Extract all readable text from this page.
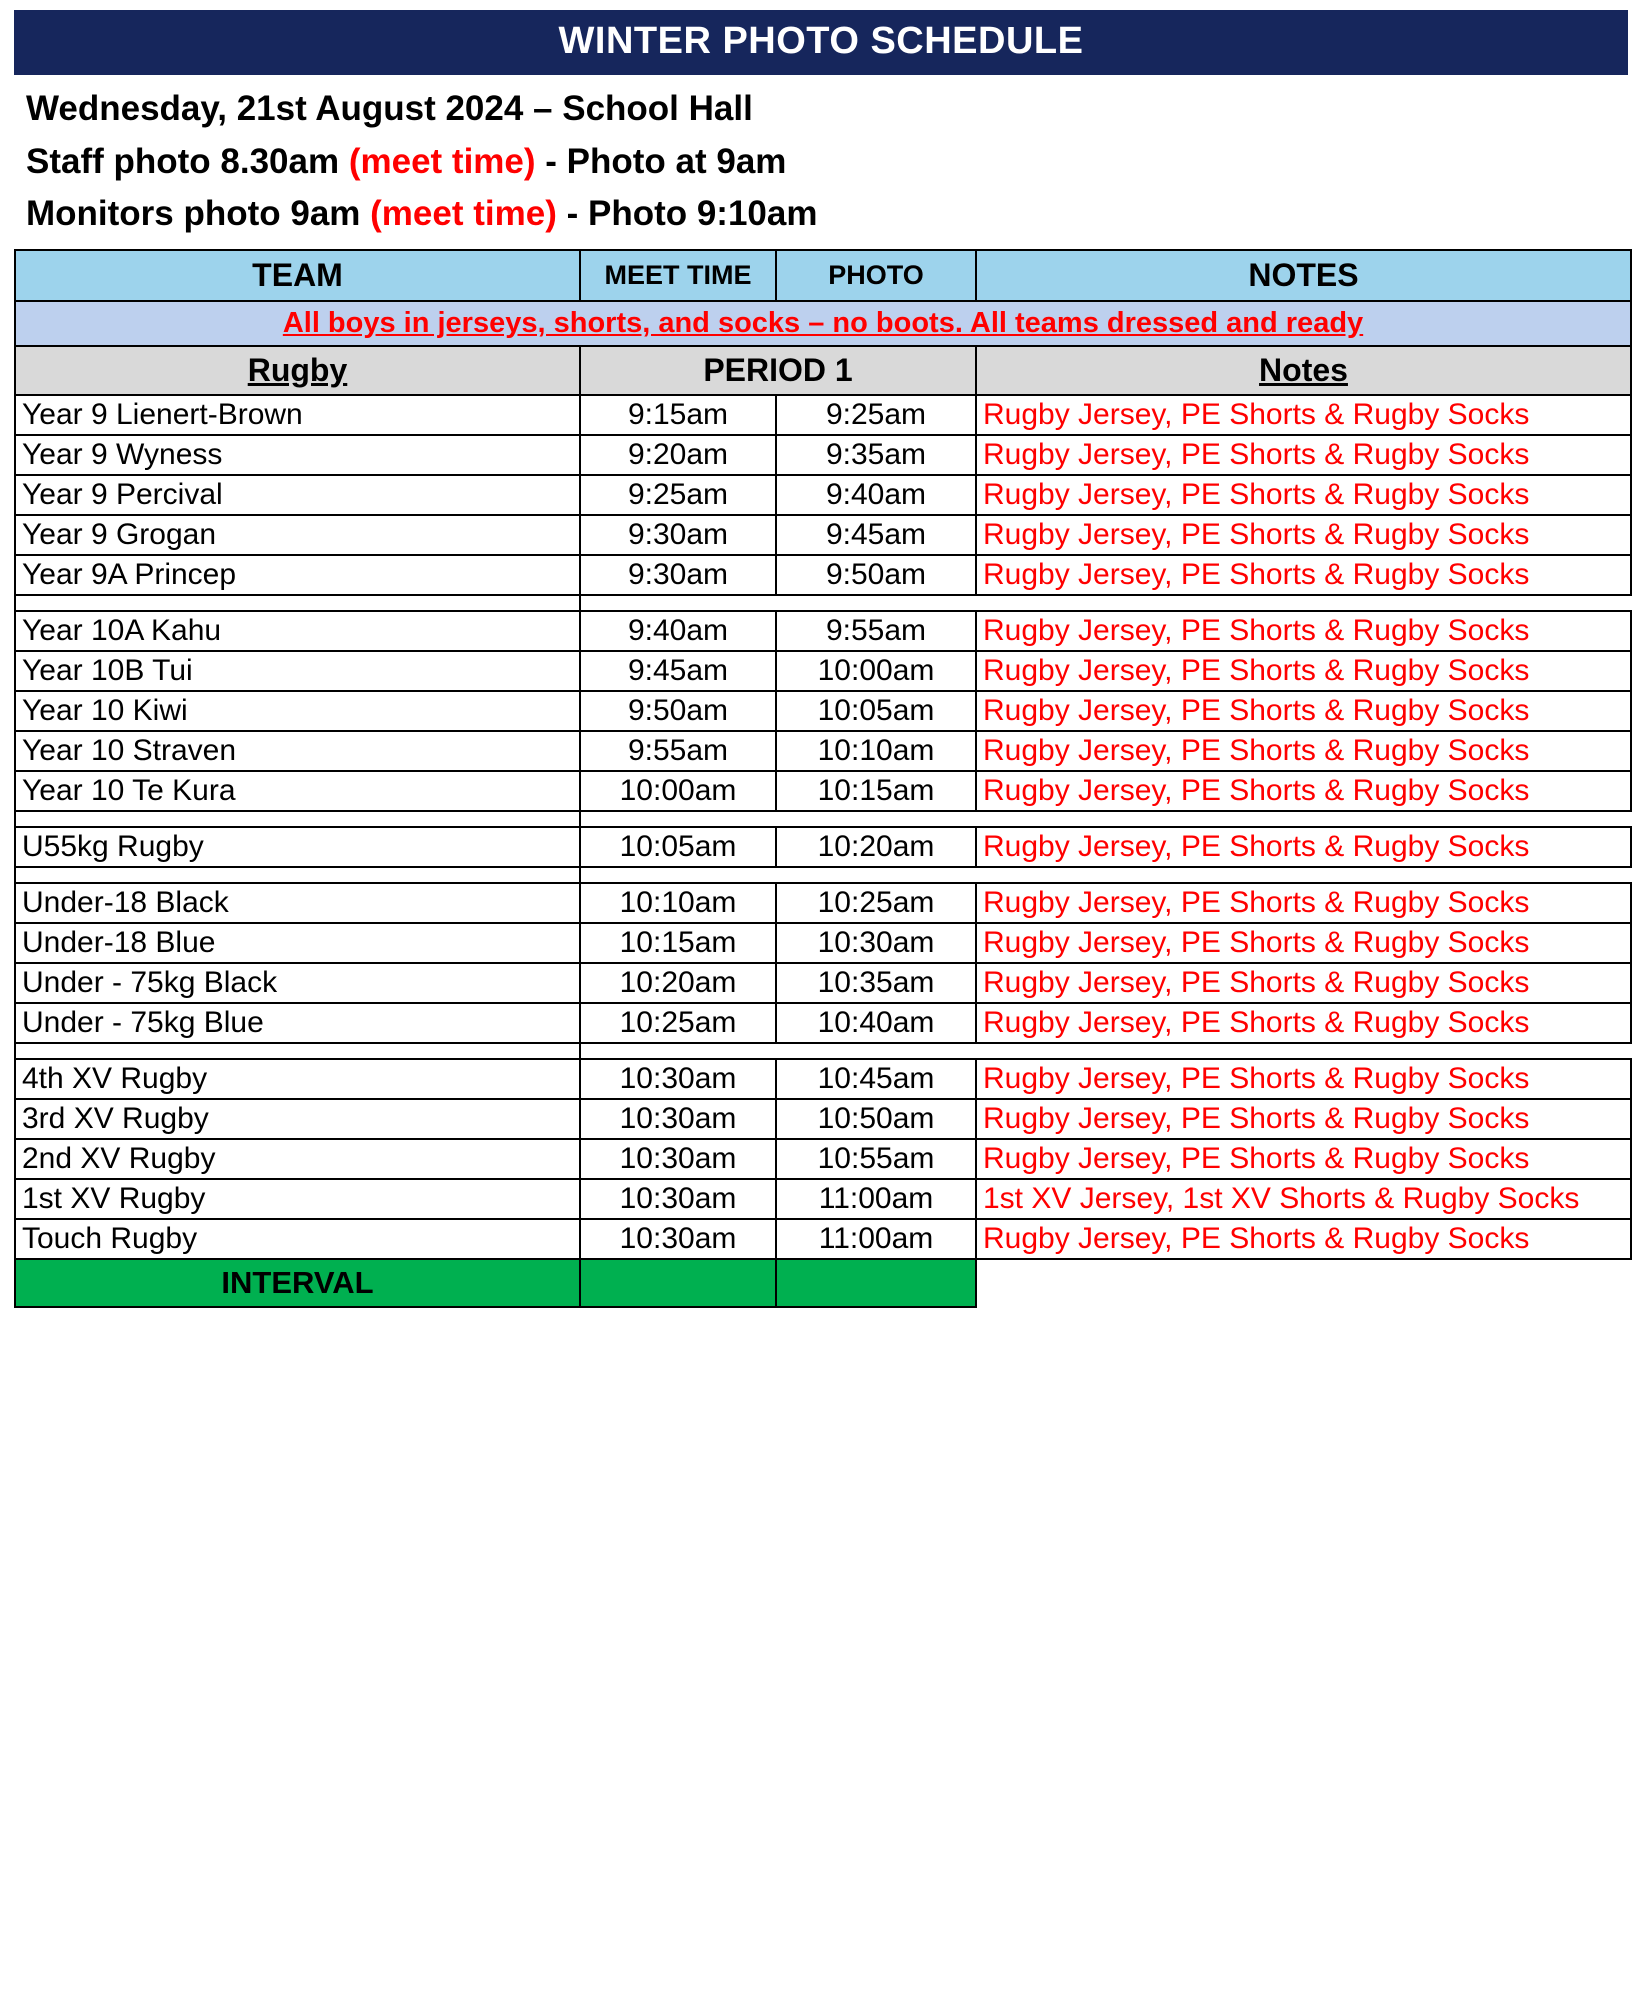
WINTER PHOTO SCHEDULE
Wednesday, 21st August 2024 – School Hall
Staff photo 8.30am (meet time) - Photo at 9am
Monitors photo 9am (meet time) - Photo 9:10am
TEAM	MEET TIME	PHOTO	NOTES
All boys in jerseys, shorts, and socks – no boots. All teams dressed and ready			
Rugby	PERIOD 1		Notes
Year 9 Lienert-Brown	9:15am	9:25am	Rugby Jersey, PE Shorts & Rugby Socks
Year 9 Wyness	9:20am	9:35am	Rugby Jersey, PE Shorts & Rugby Socks
Year 9 Percival	9:25am	9:40am	Rugby Jersey, PE Shorts & Rugby Socks
Year 9 Grogan	9:30am	9:45am	Rugby Jersey, PE Shorts & Rugby Socks
Year 9A Princep	9:30am	9:50am	Rugby Jersey, PE Shorts & Rugby Socks

Year 10A Kahu	9:40am	9:55am	Rugby Jersey, PE Shorts & Rugby Socks
Year 10B Tui	9:45am	10:00am	Rugby Jersey, PE Shorts & Rugby Socks
Year 10 Kiwi	9:50am	10:05am	Rugby Jersey, PE Shorts & Rugby Socks
Year 10 Straven	9:55am	10:10am	Rugby Jersey, PE Shorts & Rugby Socks
Year 10 Te Kura	10:00am	10:15am	Rugby Jersey, PE Shorts & Rugby Socks

U55kg Rugby	10:05am	10:20am	Rugby Jersey, PE Shorts & Rugby Socks

Under-18 Black	10:10am	10:25am	Rugby Jersey, PE Shorts & Rugby Socks
Under-18 Blue	10:15am	10:30am	Rugby Jersey, PE Shorts & Rugby Socks
Under - 75kg Black	10:20am	10:35am	Rugby Jersey, PE Shorts & Rugby Socks
Under - 75kg Blue	10:25am	10:40am	Rugby Jersey, PE Shorts & Rugby Socks

4th XV Rugby	10:30am	10:45am	Rugby Jersey, PE Shorts & Rugby Socks
3rd XV Rugby	10:30am	10:50am	Rugby Jersey, PE Shorts & Rugby Socks
2nd XV Rugby	10:30am	10:55am	Rugby Jersey, PE Shorts & Rugby Socks
1st XV Rugby	10:30am	11:00am	1st XV Jersey, 1st XV Shorts & Rugby Socks
Touch Rugby	10:30am	11:00am	Rugby Jersey, PE Shorts & Rugby Socks
INTERVAL			
